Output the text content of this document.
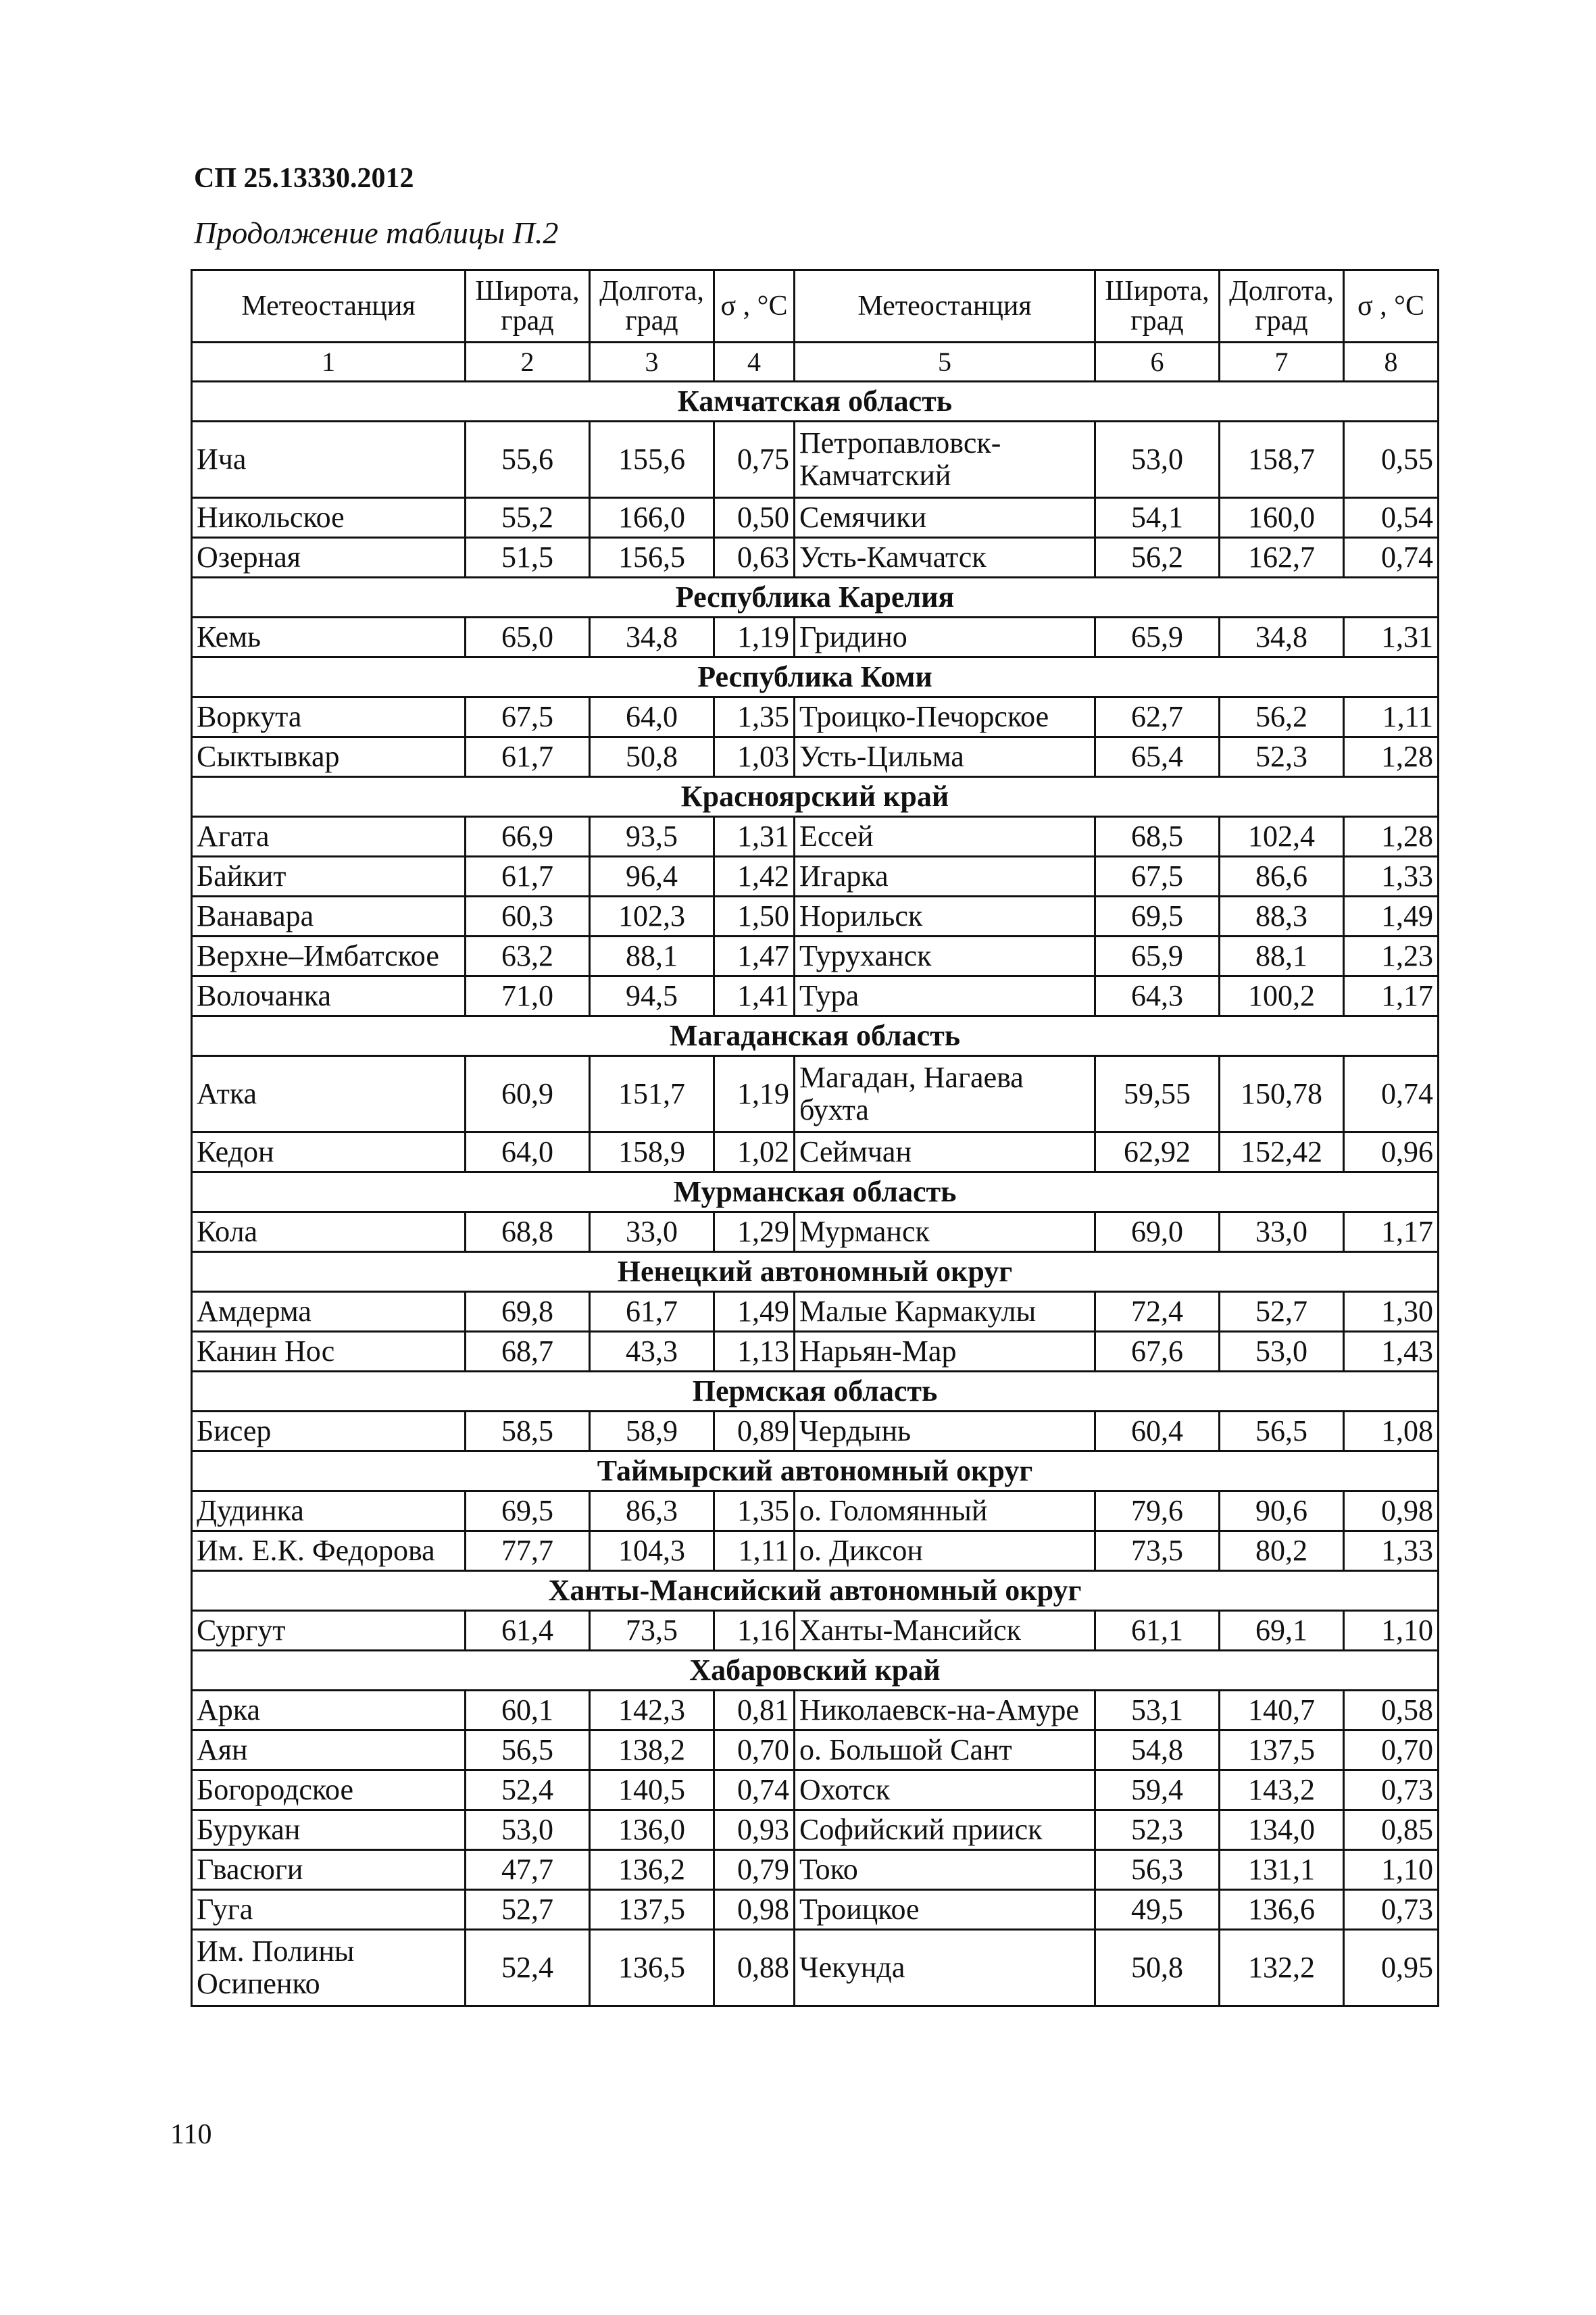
СП 25.13330.2012
Продолжение таблицы П.2
Метеостанция	Широта, град	Долгота, град	σ , °С	Метеостанция	Широта, град	Долгота, град	σ , °С
1	2	3	4	5	6	7	8
Камчатская область							
Ича	55,6	155,6	0,75	Петропавловск-Камчатский	53,0	158,7	0,55
Никольское	55,2	166,0	0,50	Семячики	54,1	160,0	0,54
Озерная	51,5	156,5	0,63	Усть-Камчатск	56,2	162,7	0,74
Республика Карелия							
Кемь	65,0	34,8	1,19	Гридино	65,9	34,8	1,31
Республика Коми							
Воркута	67,5	64,0	1,35	Троицко-Печорское	62,7	56,2	1,11
Сыктывкар	61,7	50,8	1,03	Усть-Цильма	65,4	52,3	1,28
Красноярский край							
Агата	66,9	93,5	1,31	Ессей	68,5	102,4	1,28
Байкит	61,7	96,4	1,42	Игарка	67,5	86,6	1,33
Ванавара	60,3	102,3	1,50	Норильск	69,5	88,3	1,49
Верхне–Имбатское	63,2	88,1	1,47	Туруханск	65,9	88,1	1,23
Волочанка	71,0	94,5	1,41	Тура	64,3	100,2	1,17
Магаданская область							
Атка	60,9	151,7	1,19	Магадан, Нагаева бухта	59,55	150,78	0,74
Кедон	64,0	158,9	1,02	Сеймчан	62,92	152,42	0,96
Мурманская область							
Кола	68,8	33,0	1,29	Мурманск	69,0	33,0	1,17
Ненецкий автономный округ							
Амдерма	69,8	61,7	1,49	Малые Кармакулы	72,4	52,7	1,30
Канин Нос	68,7	43,3	1,13	Нарьян-Мар	67,6	53,0	1,43
Пермская область							
Бисер	58,5	58,9	0,89	Чердынь	60,4	56,5	1,08
Таймырский автономный округ							
Дудинка	69,5	86,3	1,35	о. Голомянный	79,6	90,6	0,98
Им. Е.К. Федорова	77,7	104,3	1,11	о. Диксон	73,5	80,2	1,33
Ханты-Мансийский автономный округ							
Сургут	61,4	73,5	1,16	Ханты-Мансийск	61,1	69,1	1,10
Хабаровский край							
Арка	60,1	142,3	0,81	Николаевск-на-Амуре	53,1	140,7	0,58
Аян	56,5	138,2	0,70	о. Большой Сант	54,8	137,5	0,70
Богородское	52,4	140,5	0,74	Охотск	59,4	143,2	0,73
Бурукан	53,0	136,0	0,93	Софийский прииск	52,3	134,0	0,85
Гвасюги	47,7	136,2	0,79	Токо	56,3	131,1	1,10
Гуга	52,7	137,5	0,98	Троицкое	49,5	136,6	0,73
Им. Полины Осипенко	52,4	136,5	0,88	Чекунда	50,8	132,2	0,95
110
